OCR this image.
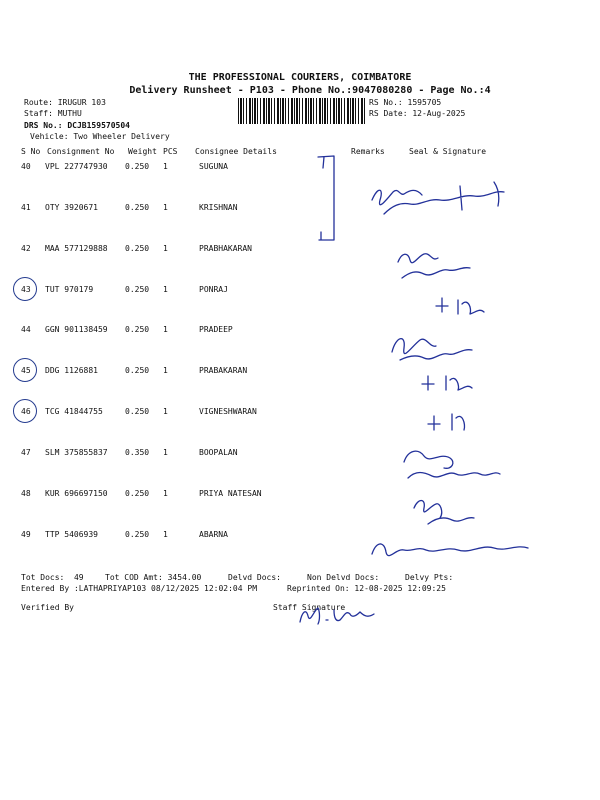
THE PROFESSIONAL COURIERS, COIMBATORE
Delivery Runsheet - P103 - Phone No.:9047080280 - Page No.:4
Route: IRUGUR 103
Staff: MUTHU
DRS No.: DCJB159570504
Vehicle: Two Wheeler Delivery
RS No.: 1595705
RS Date: 12-Aug-2025
S No Consignment No Weight PCS Consignee Details	Remarks	Seal & Signature
40 VPL 227747930 0.250 1	SUGUNA
41 OTY 3920671	0.250 1	KRISHNAN
42 MAA 577129888 0.250 1	PRABHAKARAN
43 TUT 970179	0.250 1	PONRAJ
44 GGN 901138459 0.250 1	PRADEEP
45 DDG 1126881	0.250 1	PRABAKARAN
46 TCG 41844755	0.250 1	VIGNESHWARAN
47 SLM 375855837 0.350 1	BOOPALAN
48 KUR 696697150 0.250 1	PRIYA NATESAN
49 TTP 5406939	0.250 1	ABARNA
Tot Docs:  49	Tot COD Amt: 3454.00	Delvd Docs:	Non Delvd Docs:	Delvy Pts:
Entered By :LATHAPRIYAP103 08/12/2025 12:02:04 PM	Reprinted On: 12-08-2025 12:09:25
Verified By	Staff Signature
